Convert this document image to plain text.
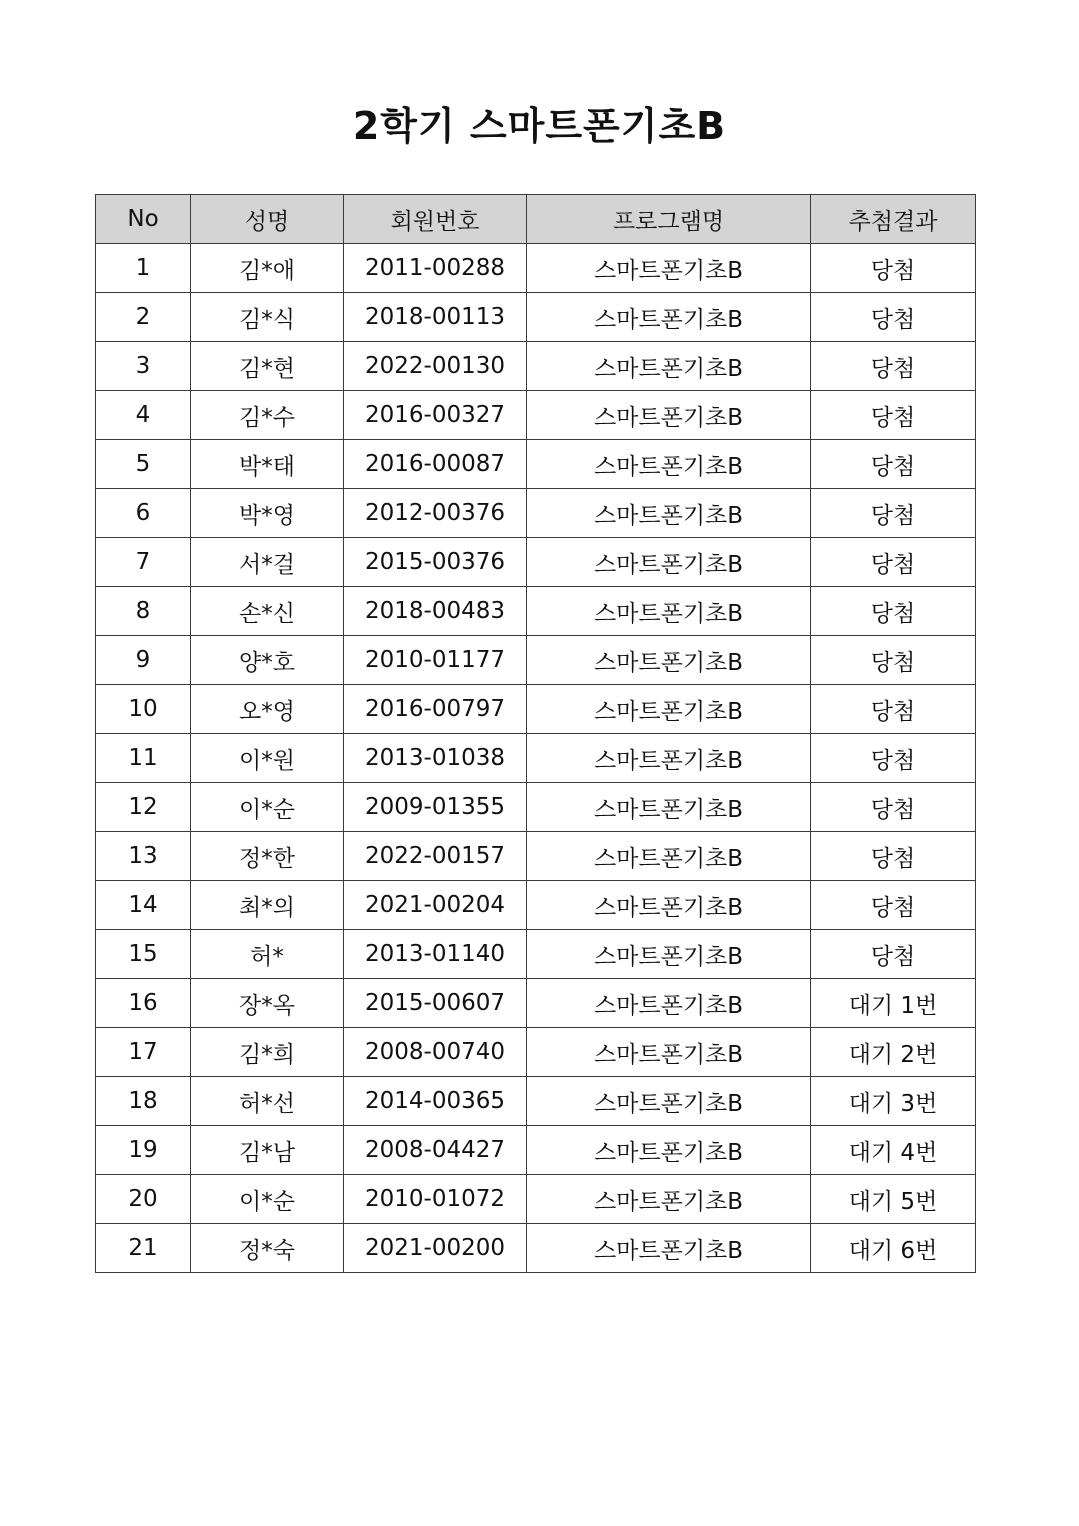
2학기 스마트폰기초B
No	성명	회원번호	프로그램명	추첨결과
1	김*애	2011-00288	스마트폰기초B	당첨
2	김*식	2018-00113	스마트폰기초B	당첨
3	김*현	2022-00130	스마트폰기초B	당첨
4	김*수	2016-00327	스마트폰기초B	당첨
5	박*태	2016-00087	스마트폰기초B	당첨
6	박*영	2012-00376	스마트폰기초B	당첨
7	서*걸	2015-00376	스마트폰기초B	당첨
8	손*신	2018-00483	스마트폰기초B	당첨
9	양*호	2010-01177	스마트폰기초B	당첨
10	오*영	2016-00797	스마트폰기초B	당첨
11	이*원	2013-01038	스마트폰기초B	당첨
12	이*순	2009-01355	스마트폰기초B	당첨
13	정*한	2022-00157	스마트폰기초B	당첨
14	최*의	2021-00204	스마트폰기초B	당첨
15	허*	2013-01140	스마트폰기초B	당첨
16	장*옥	2015-00607	스마트폰기초B	대기 1번
17	김*희	2008-00740	스마트폰기초B	대기 2번
18	허*선	2014-00365	스마트폰기초B	대기 3번
19	김*남	2008-04427	스마트폰기초B	대기 4번
20	이*순	2010-01072	스마트폰기초B	대기 5번
21	정*숙	2021-00200	스마트폰기초B	대기 6번
